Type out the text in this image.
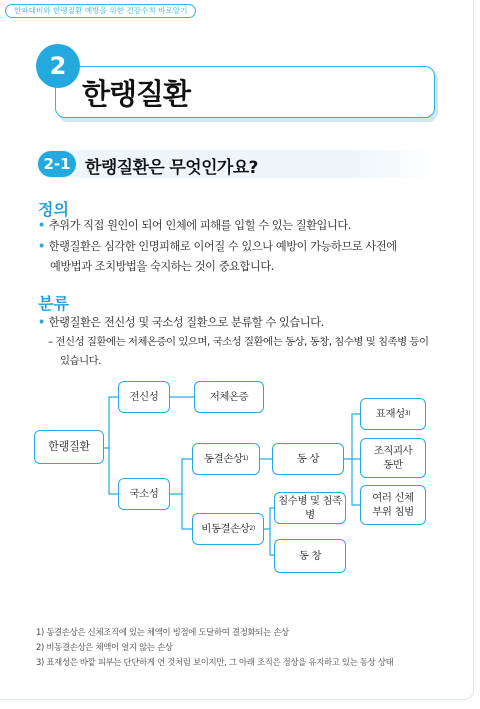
한파대비와 한랭질환 예방을 위한 건강수칙 바로알기
2
한랭질환
2-1 한랭질환은 무엇인가요?
정의
• 추위가 직접 원인이 되어 인체에 피해를 입힐 수 있는 질환입니다.
• 한랭질환은 심각한 인명피해로 이어질 수 있으나 예방이 가능하므로 사전에
예방법과 조치방법을 숙지하는 것이 중요합니다.
분류
• 한랭질환은 전신성 및 국소성 질환으로 분류할 수 있습니다.
– 전신성 질환에는 저체온증이 있으며, 국소성 질환에는 동상, 동창, 침수병 및 침족병 등이
있습니다.
한랭질환
전신성	저체온증
국소성
동결손상 1)	동 상
비동결손상 2)
침수병 및 침족병
동 창
표재성 3)
조직괴사
동반
여러 신체
부위 침범
1) 동결손상은 신체조직에 있는 체액이 빙점에 도달하여 결정화되는 손상
2) 비동결손상은 체액이 얼지 않는 손상
3) 표재성은 바깥 피부는 단단하게 언 것처럼 보이지만, 그 아래 조직은 정상을 유지하고 있는 동상 상태
